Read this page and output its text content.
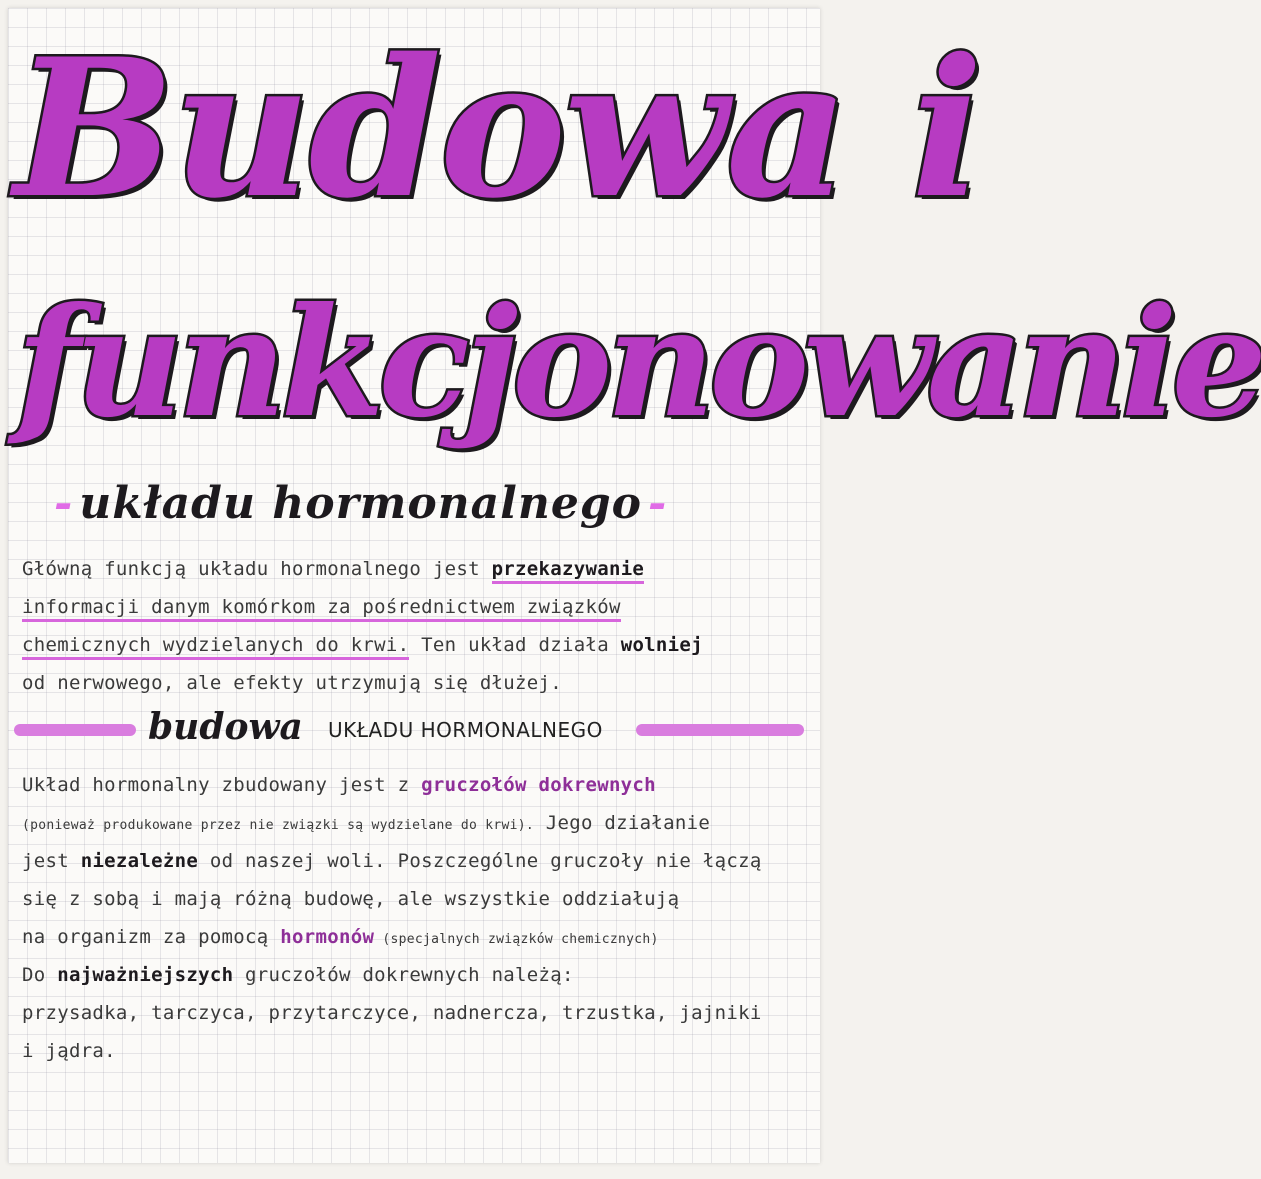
Budowa i
funkcjonowanie
- układu hormonalnego -
Główną funkcją układu hormonalnego jest przekazywanie
informacji danym komórkom za pośrednictwem związków
chemicznych wydzielanych do krwi. Ten układ działa wolniej
od nerwowego, ale efekty utrzymują się dłużej.
budowa UKŁADU HORMONALNEGO
Układ hormonalny zbudowany jest z gruczołów dokrewnych
(ponieważ produkowane przez nie związki są wydzielane do krwi). Jego działanie
jest niezależne od naszej woli. Poszczególne gruczoły nie łączą
się z sobą i mają różną budowę, ale wszystkie oddziałują
na organizm za pomocą hormonów (specjalnych związków chemicznych)
Do najważniejszych gruczołów dokrewnych należą:
przysadka, tarczyca, przytarczyce, nadnercza, trzustka, jajniki
i jądra.
